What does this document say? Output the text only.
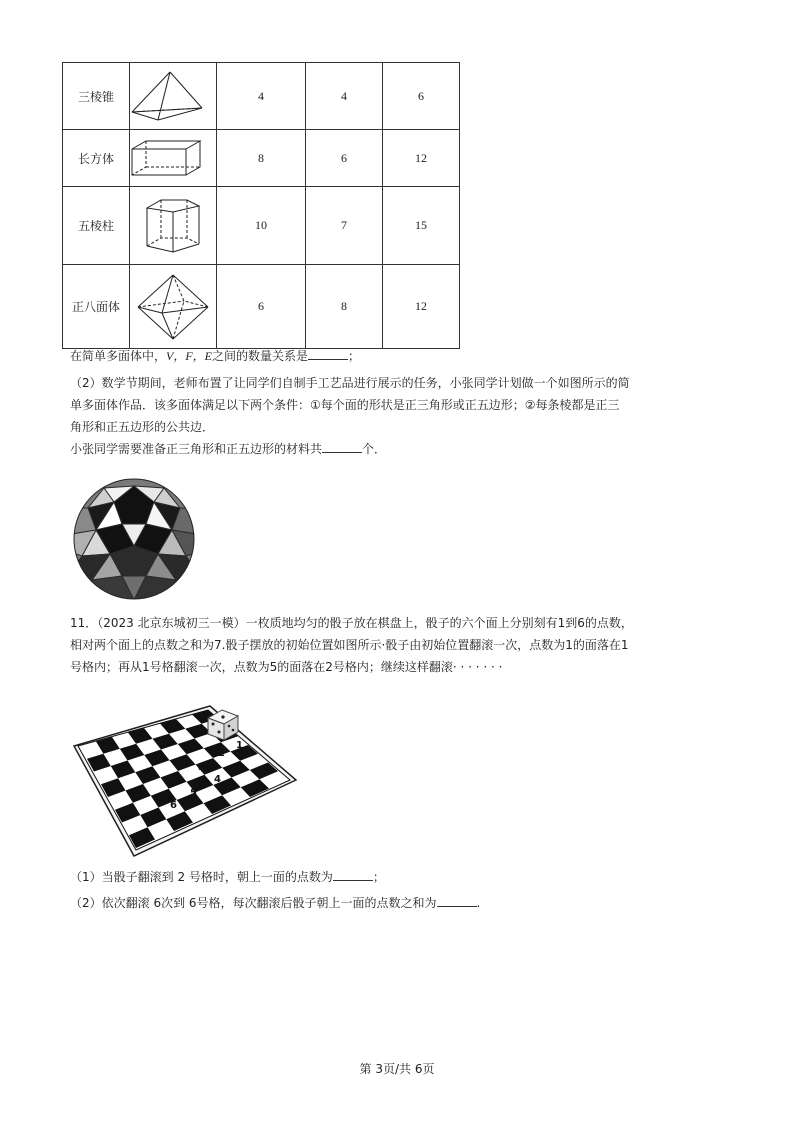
三棱锥		4	4	6
长方体		8	6	12
五棱柱		10	7	15
正八面体		6	8	12
在简单多面体中，V，F，E之间的数量关系是	；
（2）数学节期间，老师布置了让同学们自制手工艺品进行展示的任务，小张同学计划做一个如图所示的简
单多面体作品．该多面体满足以下两个条件：①每个面的形状是正三角形或正五边形；②每条棱都是正三
角形和正五边形的公共边．
小张同学需要准备正三角形和正五边形的材料共	个．
11．（2023 北京东城初三一模）一枚质地均匀的骰子放在棋盘上，骰子的六个面上分别刻有1到6的点数，
相对两个面上的点数之和为7.骰子摆放的初始位置如图所示·骰子由初始位置翻滚一次，点数为1的面落在1
号格内；再从1号格翻滚一次，点数为5的面落在2号格内；继续这样翻滚· · · · · · ·
1
2
3
4
5
6
（1）当骰子翻滚到 2 号格时，朝上一面的点数为	；
（2）依次翻滚 6次到 6号格，每次翻滚后骰子朝上一面的点数之和为	.
第 3页/共 6页
